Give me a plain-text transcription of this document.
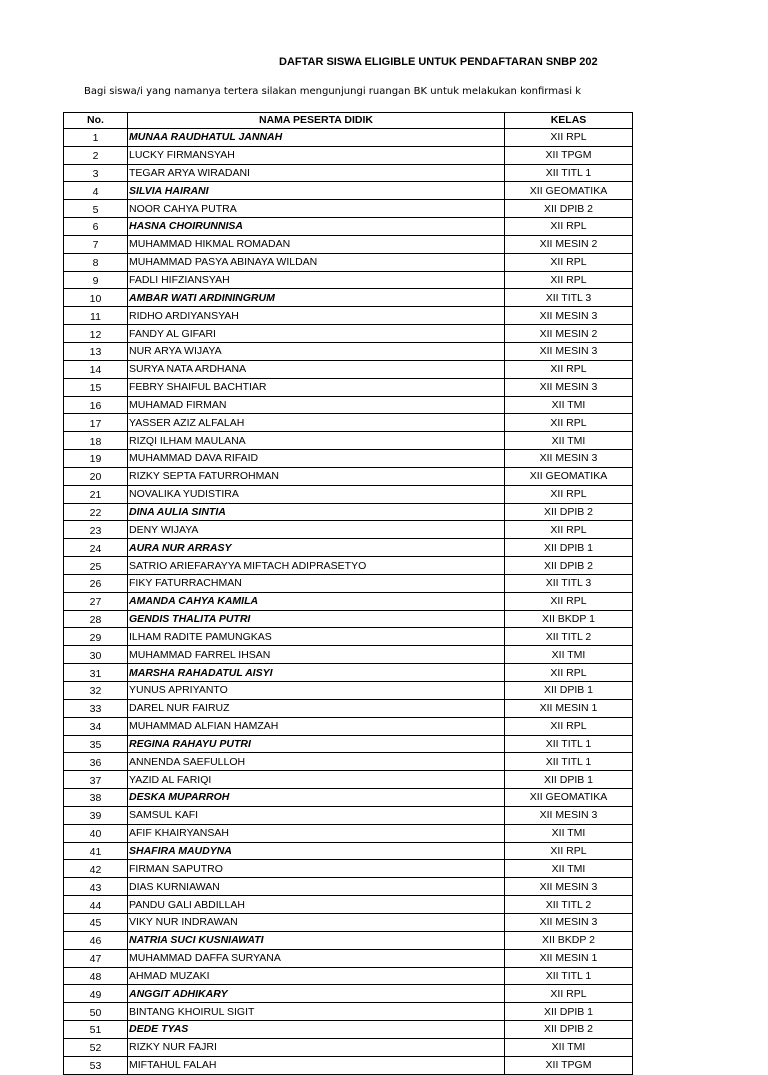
DAFTAR SISWA ELIGIBLE UNTUK PENDAFTARAN SNBP 202
Bagi siswa/i yang namanya tertera silakan mengunjungi ruangan BK untuk melakukan konfirmasi k
No.	NAMA PESERTA DIDIK	KELAS
1	MUNAA RAUDHATUL JANNAH	XII RPL
2	LUCKY FIRMANSYAH	XII TPGM
3	TEGAR ARYA WIRADANI	XII TITL 1
4	SILVIA HAIRANI	XII GEOMATIKA
5	NOOR CAHYA PUTRA	XII DPIB 2
6	HASNA CHOIRUNNISA	XII RPL
7	MUHAMMAD HIKMAL ROMADAN	XII MESIN 2
8	MUHAMMAD PASYA ABINAYA WILDAN	XII RPL
9	FADLI HIFZIANSYAH	XII RPL
10	AMBAR WATI ARDININGRUM	XII TITL 3
11	RIDHO ARDIYANSYAH	XII MESIN 3
12	FANDY AL GIFARI	XII MESIN 2
13	NUR ARYA WIJAYA	XII MESIN 3
14	SURYA NATA ARDHANA	XII RPL
15	FEBRY SHAIFUL BACHTIAR	XII MESIN 3
16	MUHAMAD FIRMAN	XII TMI
17	YASSER AZIZ ALFALAH	XII RPL
18	RIZQI ILHAM MAULANA	XII TMI
19	MUHAMMAD DAVA RIFAID	XII MESIN 3
20	RIZKY SEPTA FATURROHMAN	XII GEOMATIKA
21	NOVALIKA YUDISTIRA	XII RPL
22	DINA AULIA SINTIA	XII DPIB 2
23	DENY WIJAYA	XII RPL
24	AURA NUR ARRASY	XII DPIB 1
25	SATRIO ARIEFARAYYA MIFTACH ADIPRASETYO	XII DPIB 2
26	FIKY FATURRACHMAN	XII TITL 3
27	AMANDA CAHYA KAMILA	XII RPL
28	GENDIS THALITA PUTRI	XII BKDP 1
29	ILHAM RADITE PAMUNGKAS	XII TITL 2
30	MUHAMMAD FARREL IHSAN	XII TMI
31	MARSHA RAHADATUL AISYI	XII RPL
32	YUNUS APRIYANTO	XII DPIB 1
33	DAREL NUR FAIRUZ	XII MESIN 1
34	MUHAMMAD ALFIAN HAMZAH	XII RPL
35	REGINA RAHAYU PUTRI	XII TITL 1
36	ANNENDA SAEFULLOH	XII TITL 1
37	YAZID AL FARIQI	XII DPIB 1
38	DESKA MUPARROH	XII GEOMATIKA
39	SAMSUL KAFI	XII MESIN 3
40	AFIF KHAIRYANSAH	XII TMI
41	SHAFIRA MAUDYNA	XII RPL
42	FIRMAN SAPUTRO	XII TMI
43	DIAS KURNIAWAN	XII MESIN 3
44	PANDU GALI ABDILLAH	XII TITL 2
45	VIKY NUR INDRAWAN	XII MESIN 3
46	NATRIA SUCI KUSNIAWATI	XII BKDP 2
47	MUHAMMAD DAFFA SURYANA	XII MESIN 1
48	AHMAD MUZAKI	XII TITL 1
49	ANGGIT ADHIKARY	XII RPL
50	BINTANG KHOIRUL SIGIT	XII DPIB 1
51	DEDE TYAS	XII DPIB 2
52	RIZKY NUR FAJRI	XII TMI
53	MIFTAHUL FALAH	XII TPGM
